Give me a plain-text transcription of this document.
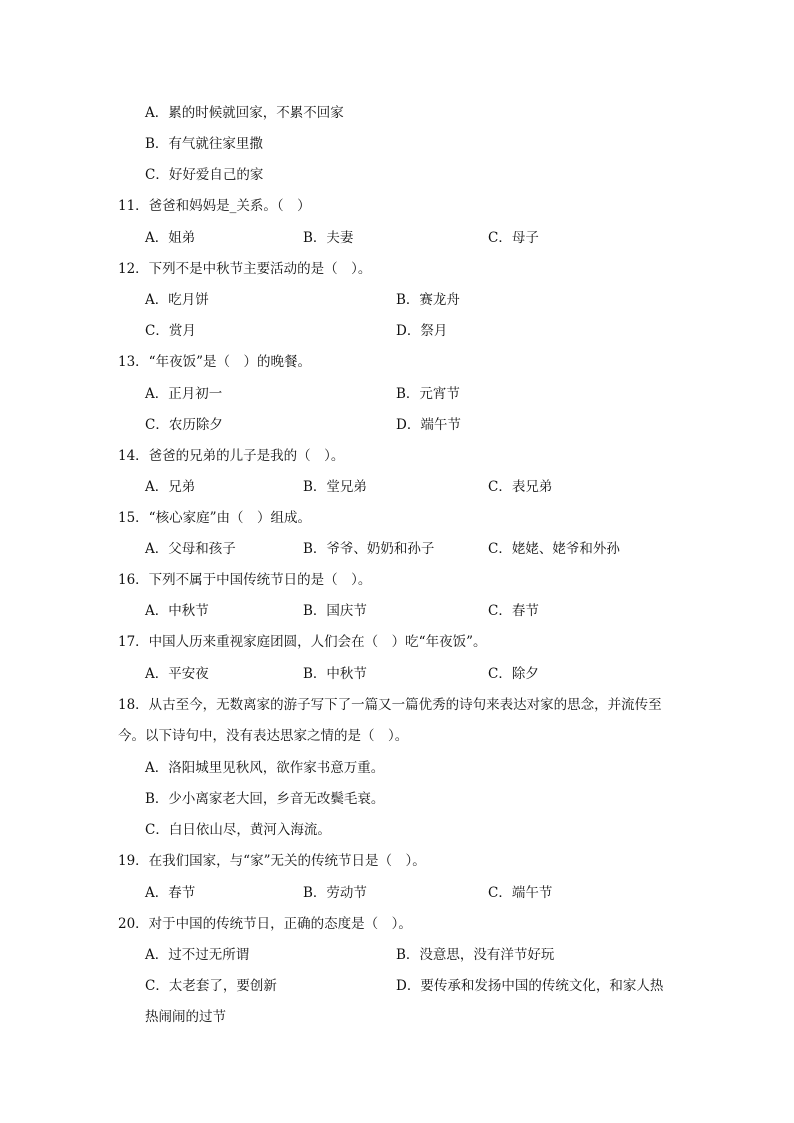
A．累的时候就回家，不累不回家
B．有气就往家里撒
C．好好爱自己的家
11．爸爸和妈妈是_关系。（　）
A．姐弟	B．夫妻	C．母子
12．下列不是中秋节主要活动的是（　）。
A．吃月饼	B．赛龙舟
C．赏月	D．祭月
13．“年夜饭”是（　）的晚餐。
A．正月初一	B．元宵节
C．农历除夕	D．端午节
14．爸爸的兄弟的儿子是我的（　）。
A．兄弟	B．堂兄弟	C．表兄弟
15．“核心家庭”由（　）组成。
A．父母和孩子	B．爷爷、奶奶和孙子	C．姥姥、姥爷和外孙
16．下列不属于中国传统节日的是（　）。
A．中秋节	B．国庆节	C．春节
17．中国人历来重视家庭团圆，人们会在（　）吃“年夜饭”。
A．平安夜	B．中秋节	C．除夕
18．从古至今，无数离家的游子写下了一篇又一篇优秀的诗句来表达对家的思念，并流传至
今。以下诗句中，没有表达思家之情的是（　）。
A．洛阳城里见秋风，欲作家书意万重。
B．少小离家老大回，乡音无改鬓毛衰。
C．白日依山尽，黄河入海流。
19．在我们国家，与“家”无关的传统节日是（　）。
A．春节	B．劳动节	C．端午节
20．对于中国的传统节日，正确的态度是（　）。
A．过不过无所谓	B．没意思，没有洋节好玩
C．太老套了，要创新	D．要传承和发扬中国的传统文化，和家人热
热闹闹的过节
